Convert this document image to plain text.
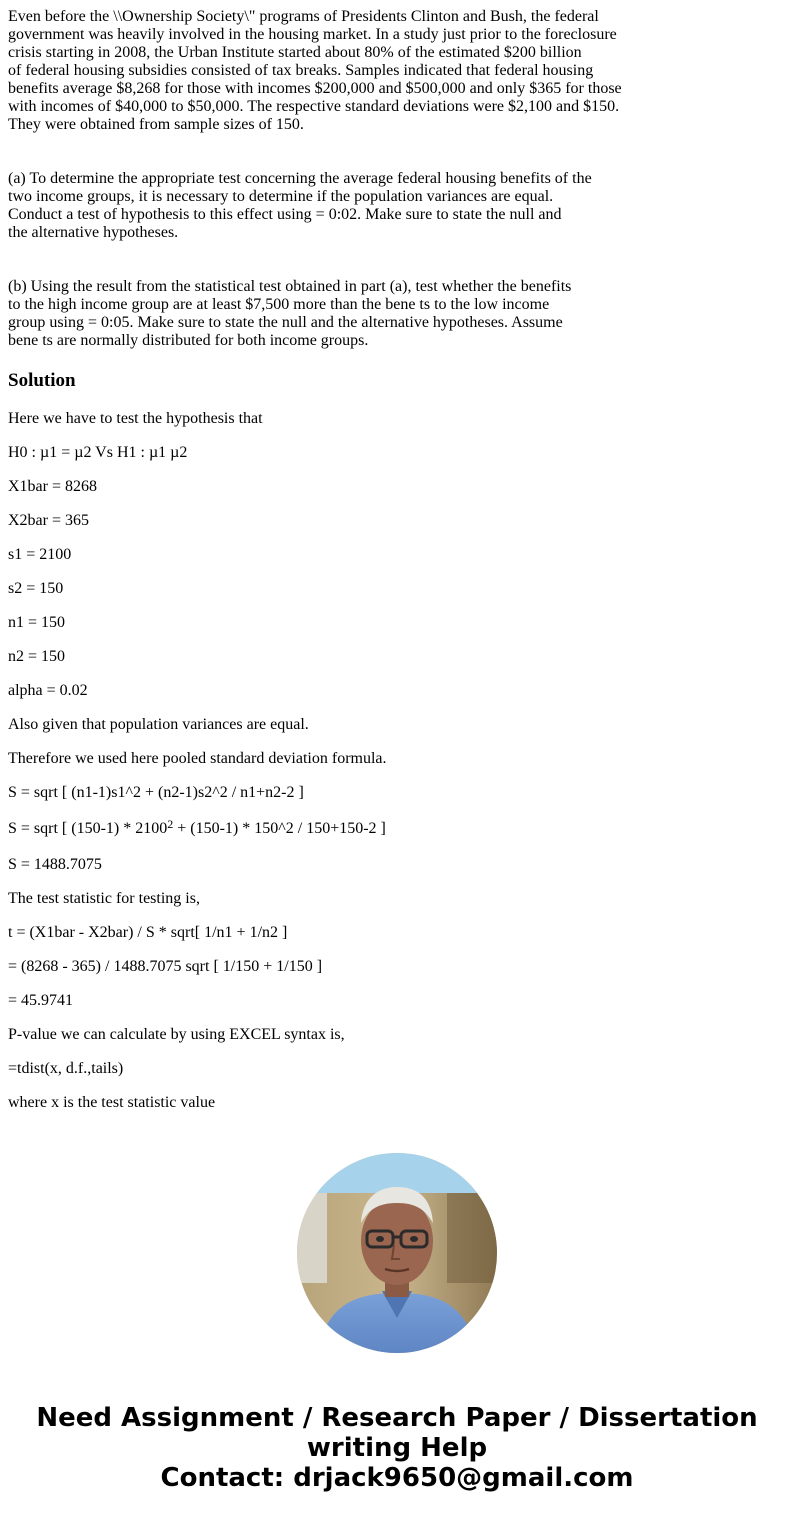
Even before the \\Ownership Society\" programs of Presidents Clinton and Bush, the federal
government was heavily involved in the housing market. In a study just prior to the foreclosure
crisis starting in 2008, the Urban Institute started about 80% of the estimated $200 billion
of federal housing subsidies consisted of tax breaks. Samples indicated that federal housing
benefits average $8,268 for those with incomes $200,000 and $500,000 and only $365 for those
with incomes of $40,000 to $50,000. The respective standard deviations were $2,100 and $150.
They were obtained from sample sizes of 150.

(a) To determine the appropriate test concerning the average federal housing benefits of the
two income groups, it is necessary to determine if the population variances are equal.
Conduct a test of hypothesis to this effect using = 0:02. Make sure to state the null and
the alternative hypotheses.

(b) Using the result from the statistical test obtained in part (a), test whether the benefits
to the high income group are at least $7,500 more than the bene ts to the low income
group using = 0:05. Make sure to state the null and the alternative hypotheses. Assume
bene ts are normally distributed for both income groups.

Solution

Here we have to test the hypothesis that

H0 : µ1 = µ2 Vs H1 : µ1 µ2

X1bar = 8268

X2bar = 365

s1 = 2100

s2 = 150

n1 = 150

n2 = 150

alpha = 0.02

Also given that population variances are equal.

Therefore we used here pooled standard deviation formula.

S = sqrt [ (n1-1)s1^2 + (n2-1)s2^2 / n1+n2-2 ]

S = sqrt [ $(150-1) * 2100^2 + (150-1)$ * 150^2 / 150+150-2 ]

S = 1488.7075

The test statistic for testing is,

t = (X1bar - X2bar) / S * sqrt[ 1/n1 + 1/n2 ]

= (8268 - 365) / 1488.7075 sqrt [ 1/150 + 1/150 ]

= 45.9741

P-value we can calculate by using EXCEL syntax is,

=tdist(x, d.f.,tails)

where x is the test statistic value

Need Assignment / Research Paper / Dissertation
writing Help
Contact: drjack9650@gmail.com
